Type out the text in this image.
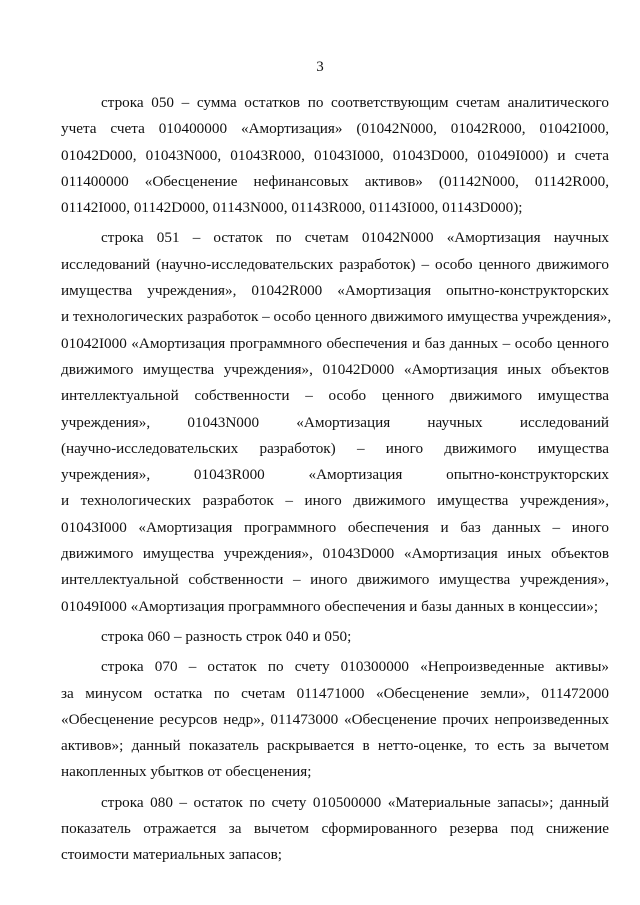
3
строка 050 – сумма остатков по соответствующим счетам аналитического
учета счета 010400000 «Амортизация» (01042N000, 01042R000, 01042I000,
01042D000, 01043N000, 01043R000, 01043I000, 01043D000, 01049I000) и счета
011400000 «Обесценение нефинансовых активов» (01142N000, 01142R000,
01142I000, 01142D000, 01143N000, 01143R000, 01143I000, 01143D000);
строка 051 – остаток по счетам 01042N000 «Амортизация научных
исследований (научно-исследовательских разработок) – особо ценного движимого
имущества учреждения», 01042R000 «Амортизация опытно-конструкторских
и технологических разработок – особо ценного движимого имущества учреждения»,
01042I000 «Амортизация программного обеспечения и баз данных – особо ценного
движимого имущества учреждения», 01042D000 «Амортизация иных объектов
интеллектуальной собственности – особо ценного движимого имущества
учреждения», 01043N000 «Амортизация научных исследований
(научно-исследовательских разработок) – иного движимого имущества
учреждения», 01043R000 «Амортизация опытно-конструкторских
и технологических разработок – иного движимого имущества учреждения»,
01043I000 «Амортизация программного обеспечения и баз данных – иного
движимого имущества учреждения», 01043D000 «Амортизация иных объектов
интеллектуальной собственности – иного движимого имущества учреждения»,
01049I000 «Амортизация программного обеспечения и базы данных в концессии»;
строка 060 – разность строк 040 и 050;
строка 070 – остаток по счету 010300000 «Непроизведенные активы»
за минусом остатка по счетам 011471000 «Обесценение земли», 011472000
«Обесценение ресурсов недр», 011473000 «Обесценение прочих непроизведенных
активов»; данный показатель раскрывается в нетто-оценке, то есть за вычетом
накопленных убытков от обесценения;
строка 080 – остаток по счету 010500000 «Материальные запасы»; данный
показатель отражается за вычетом сформированного резерва под снижение
стоимости материальных запасов;
